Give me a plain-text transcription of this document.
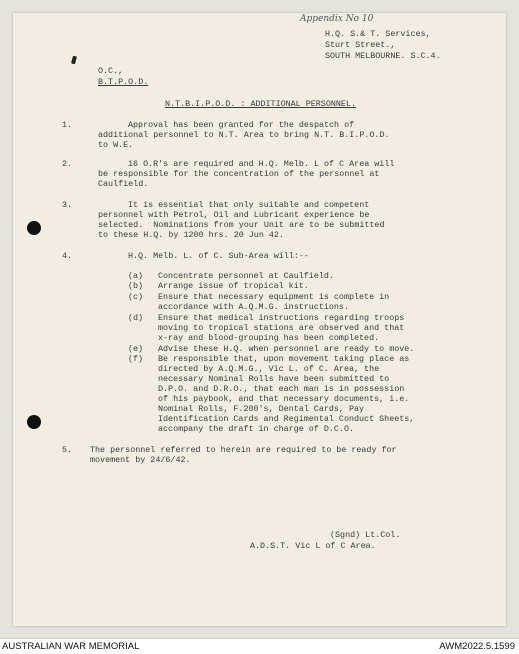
Appendix No 10
H.Q. S.& T. Services,
Sturt Street.,
SOUTH MELBOURNE. S.C.4.
O.C.,
B.T.P.O.D.
N.T.B.I.P.O.D. : ADDITIONAL PERSONNEL.
1.	Approval has been granted for the despatch of
additional personnel to N.T. Area to bring N.T. B.I.P.O.D.
to W.E.
2.	16 O.R's are required and H.Q. Melb. L of C Area will
be responsible for the concentration of the personnel at
Caulfield.
3.	It is essential that only suitable and competent
personnel with Petrol, Oil and Lubricant experience be
selected.  Nominations from your Unit are to be submitted
to these H.Q. by 1200 hrs. 20 Jun 42.
4.	H.Q. Melb. L. of C. Sub-Area will:--
(a) Concentrate personnel at Caulfield.
(b) Arrange issue of tropical kit.
(c) Ensure that necessary equipment is complete in
accordance with A.Q.M.G. instructions.
(d) Ensure that medical instructions regarding troops
moving to tropical stations are observed and that
x-ray and blood-grouping has been completed.
(e) Advise these H.Q. when personnel are ready to move.
(f) Be responsible that, upon movement taking place as
directed by A.Q.M.G., Vic L. of C. Area, the
necessary Nominal Rolls have been submitted to
D.P.O. and D.R.O., that each man is in possession
of his paybook, and that necessary documents, i.e.
Nominal Rolls, F.200's, Dental Cards, Pay
Identification Cards and Regimental Conduct Sheets,
accompany the draft in charge of D.C.O.
5. The personnel referred to herein are required to be ready for
movement by 24/6/42.
(Sgnd) Lt.Col.
A.D.S.T. Vic L of C Area.
AUSTRALIAN WAR MEMORIAL	AWM2022.5.1599
